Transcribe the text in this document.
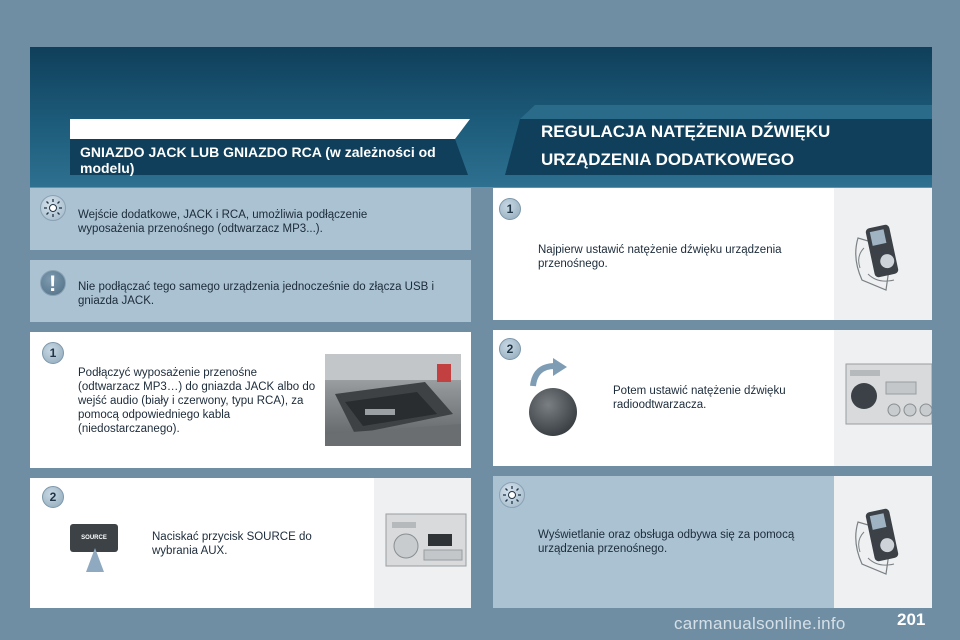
KORZYSTANIE Z WEJŚCIA DODATKOWEGO (AUX)
GNIAZDO JACK LUB GNIAZDO RCA (w zależności od modelu)
REGULACJA NATĘŻENIA DŹWIĘKU
URZĄDZENIA DODATKOWEGO
Wejście dodatkowe, JACK i RCA, umożliwia podłączenie wyposażenia przenośnego (odtwarzacz MP3...).
! Nie podłączać tego samego urządzenia jednocześnie do złącza USB i gniazda JACK.
1
Podłączyć wyposażenie przenośne (odtwarzacz MP3…) do gniazda JACK albo do wejść audio (biały i czerwony, typu RCA), za pomocą odpowiedniego kabla (niedostarczanego).
2
SOURCE	Naciskać przycisk SOURCE do wybrania AUX.
1
Najpierw ustawić natężenie dźwięku urządzenia przenośnego.
2
Potem ustawić natężenie dźwięku radioodtwarzacza.
Wyświetlanie oraz obsługa odbywa się za pomocą urządzenia przenośnego.
carmanualsonline.info	201
